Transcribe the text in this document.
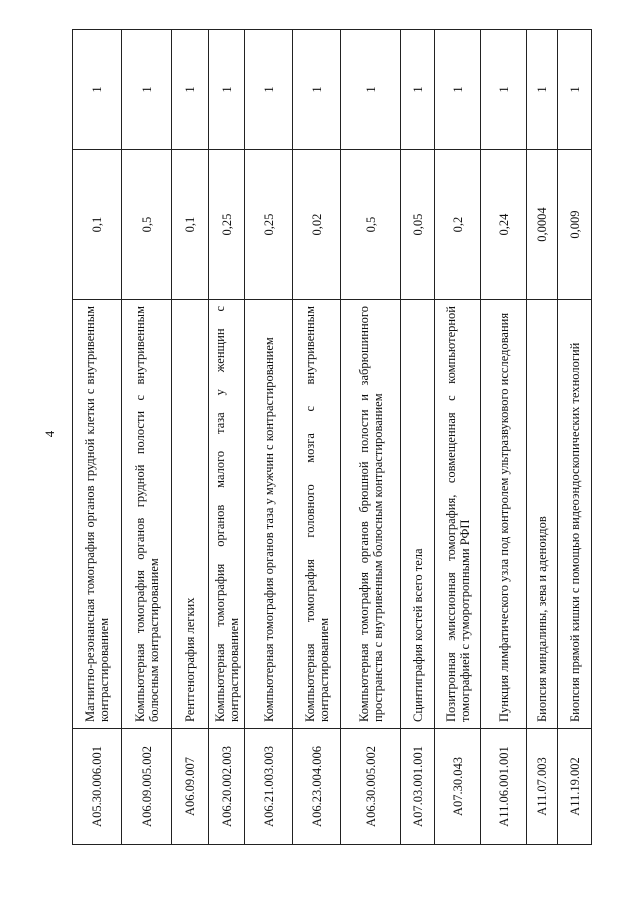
4
A05.30.006.001	Магнитно-резонансная томография органов грудной клетки с внутривенным контрастированием	0,1	1
A06.09.005.002	Компьютерная томография органов грудной полости с внутривенным болюсным контрастированием	0,5	1
A06.09.007	Рентгенография легких	0,1	1
A06.20.002.003	Компьютерная томография органов малого таза у женщин с контрастированием	0,25	1
A06.21.003.003	Компьютерная томография органов таза у мужчин с контрастированием	0,25	1
A06.23.004.006	Компьютерная томография головного мозга с внутривенным контрастированием	0,02	1
A06.30.005.002	Компьютерная томография органов брюшной полости и забрюшинного пространства с внутривенным болюсным контрастированием	0,5	1
A07.03.001.001	Сцинтиграфия костей всего тела	0,05	1
A07.30.043	Позитронная эмиссионная томография, совмещенная с компьютерной томографией с туморотропными РФП	0,2	1
A11.06.001.001	Пункция лимфатического узла под контролем ультразвукового исследования	0,24	1
A11.07.003	Биопсия миндалины, зева и аденоидов	0,0004	1
A11.19.002	Биопсия прямой кишки с помощью видеоэндоскопических технологий	0,009	1
